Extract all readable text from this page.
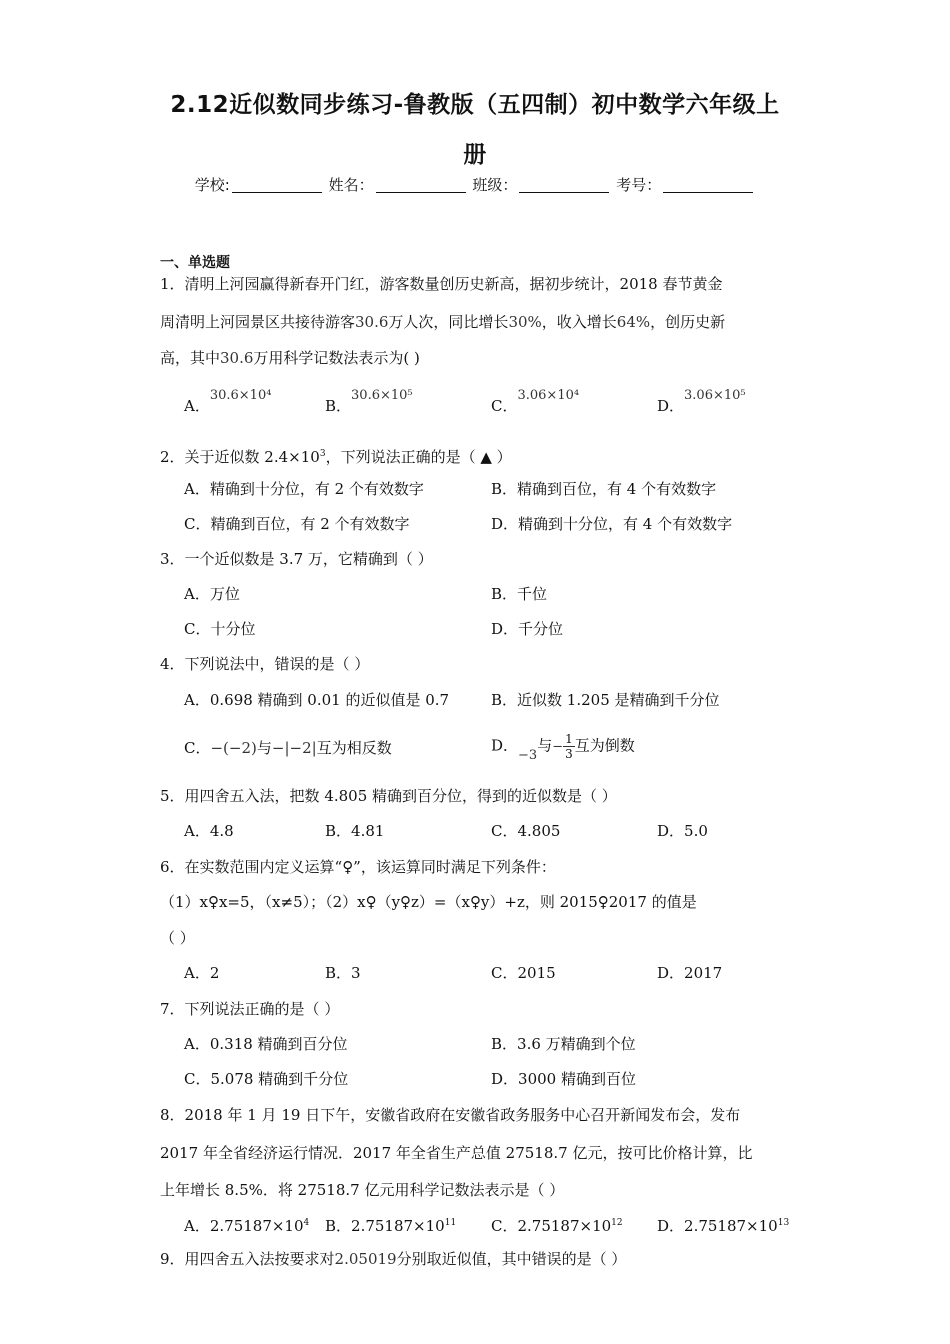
2.12近似数同步练习-鲁教版（五四制）初中数学六年级上
册
学校:	姓名：	班级：	考号：
一、单选题
1．清明上河园赢得新春开门红，游客数量创历史新高，据初步统计，2018 春节黄金
周清明上河园景区共接待游客30.6万人次，同比增长30%，收入增长64%，创历史新
高，其中30.6万用科学记数法表示为( )
A．30.6×10⁴
B．30.6×10⁵
C．3.06×10⁴
D．3.06×10⁵
2．关于近似数 $2.4\times 10^3$，下列说法正确的是（ ▲ ）
A．精确到十分位，有 2 个有效数字	B．精确到百位，有 4 个有效数字
C．精确到百位，有 2 个有效数字	D．精确到十分位，有 4 个有效数字
3．一个近似数是 3.7 万，它精确到（ ）
A．万位	B．千位
C．十分位	D．千分位
4．下列说法中，错误的是（ ）
A．0.698 精确到 0.01 的近似值是 0.7	B．近似数 1.205 是精确到千分位
C．−(−2)与−|−2|互为相反数	D．−3与− $\frac{1}{3}$ 互为倒数
5．用四舍五入法，把数 4.805 精确到百分位，得到的近似数是（ ）
A．4.8	B．4.81	C．4.805	D．5.0
6．在实数范围内定义运算“♀”，该运算同时满足下列条件：
（1）x♀x=5，（x≠5）；（2）x♀（y♀z）=（x♀y）+z，则 2015♀2017 的值是
（ ）
A．2	B．3	C．2015	D．2017
7．下列说法正确的是（ ）
A．0.318 精确到百分位	B．3.6 万精确到个位
C．5.078 精确到千分位	D．3000 精确到百位
8．2018 年 1 月 19 日下午，安徽省政府在安徽省政务服务中心召开新闻发布会，发布
2017 年全省经济运行情况．2017 年全省生产总值 27518.7 亿元，按可比价格计算，比
上年增长 8.5%．将 27518.7 亿元用科学记数法表示是（ ）
A．$2.75187\times 10^4$ B．$2.75187\times 10^{11}$ C．$2.75187\times 10^{12}$ D．$2.75187\times 10^{13}$
9．用四舍五入法按要求对2.05019分别取近似值，其中错误的是（ ）
